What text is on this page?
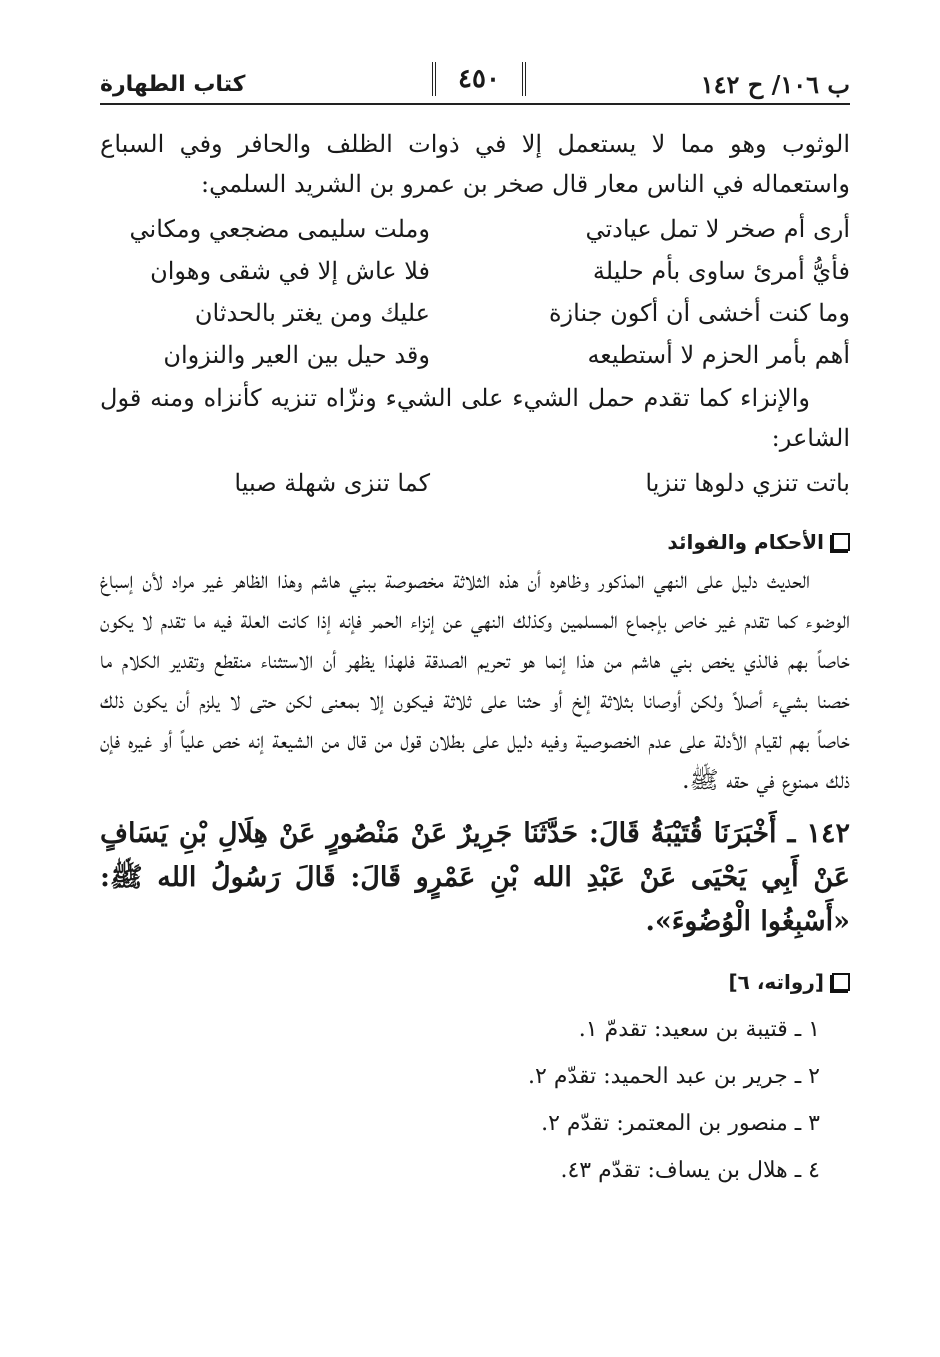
ب ١٠٦/ ح ١٤٢
٤٥٠
كتاب الطهارة

الوثوب وهو مما لا يستعمل إلا في ذوات الظلف والحافر وفي السباع واستعماله في الناس معار قال صخر بن عمرو بن الشريد السلمي:

أرى أم صخر لا تمل عيادتي
وملت سليمى مضجعي ومكاني
فأيُّ أمرئ ساوى بأم حليلة
فلا عاش إلا في شقى وهوان
وما كنت أخشى أن أكون جنازة
عليك ومن يغتر بالحدثان
أهم بأمر الحزم لا أستطيعه
وقد حيل بين العير والنزوان

والإنزاء كما تقدم حمل الشيء على الشيء ونزّاه تنزيه كأنزاه ومنه قول الشاعر:

باتت تنزي دلوها تنزيا
كما تنزى شهلة صبيا
الأحكام والفوائد

الحديث دليل على النهي المذكور وظاهره أن هذه الثلاثة مخصوصة ببني هاشم وهذا الظاهر غير مراد لأن إسباغ الوضوء كما تقدم غير خاص بإجماع المسلمين وكذلك النهي عن إنزاء الحمر فإنه إذا كانت العلة فيه ما تقدم لا يكون خاصاً بهم فالذي يخص بني هاشم من هذا إنما هو تحريم الصدقة فلهذا يظهر أن الاستثناء منقطع وتقدير الكلام ما خصنا بشيء أصلاً ولكن أوصانا بثلاثة إلخ أو حثنا على ثلاثة فيكون إلا بمعنى لكن حتى لا يلزم أن يكون ذلك خاصاً بهم لقيام الأدلة على عدم الخصوصية وفيه دليل على بطلان قول من قال من الشيعة إنه خص علياً أو غيره فإن ذلك ممنوع في حقه ﷺ.

١٤٢ ـ أَخْبَرَنَا قُتَيْبَةُ قَالَ: حَدَّثَنَا جَرِيرٌ عَنْ مَنْصُورٍ عَنْ هِلَالِ بْنِ يَسَافٍ عَنْ أَبِي يَحْيَى عَنْ عَبْدِ الله بْنِ عَمْرٍو قَالَ: قَالَ رَسُولُ الله ﷺ: «أَسْبِغُوا الْوُضُوءَ».

[رواته، ٦]
١ ـ قتيبة بن سعيد: تقدمّ ١.
٢ ـ جرير بن عبد الحميد: تقدّم ٢.
٣ ـ منصور بن المعتمر: تقدّم ٢.
٤ ـ هلال بن يساف: تقدّم ٤٣.
